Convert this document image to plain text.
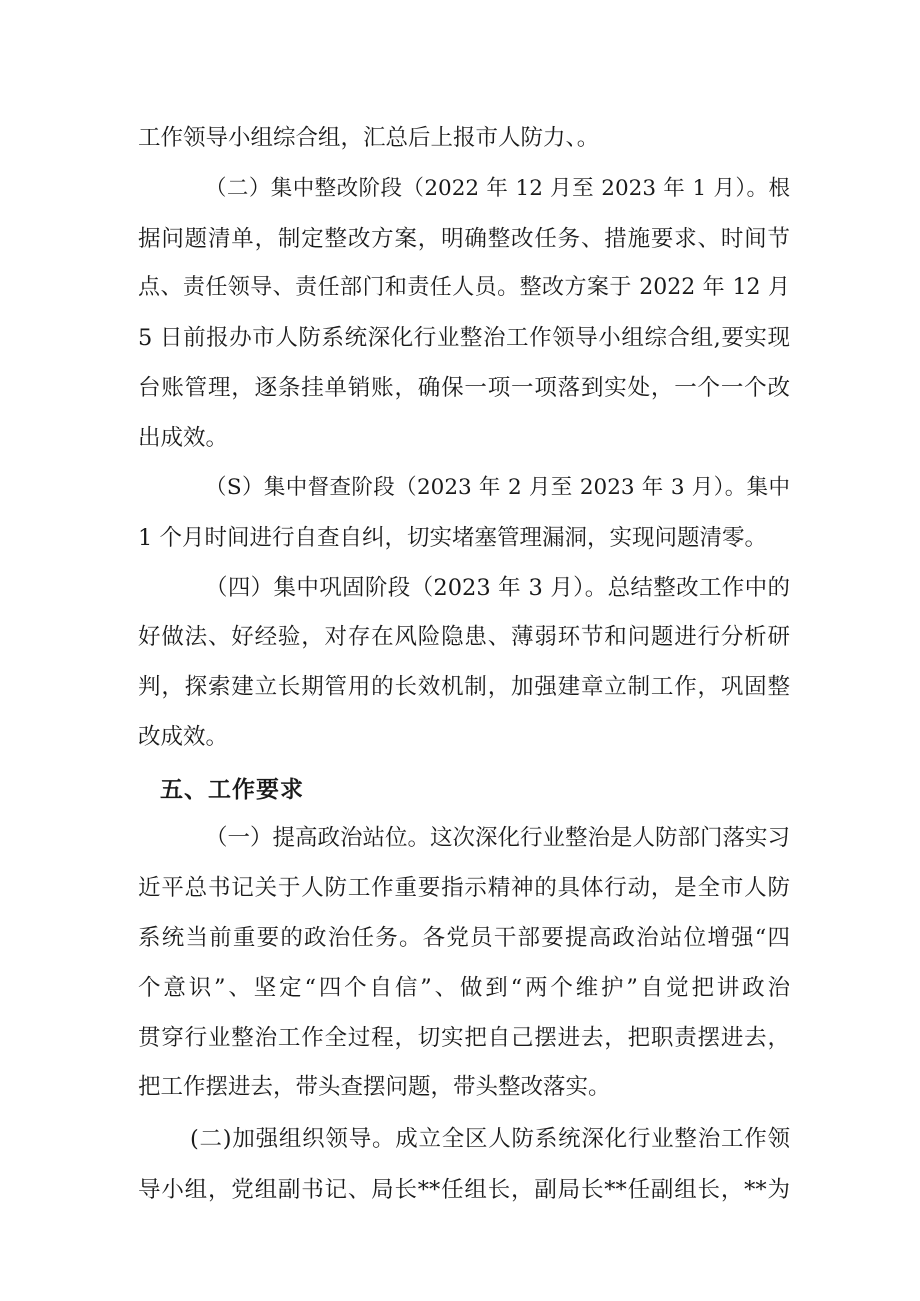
工作领导小组综合组，汇总后上报市人防力、。
（二）集中整改阶段（2022 年 12 月至 2023 年 1 月）。根
据问题清单，制定整改方案，明确整改任务、措施要求、时间节
点、责任领导、责任部门和责任人员。整改方案于 2022 年 12 月
5 日前报办市人防系统深化行业整治工作领导小组综合组,要实现
台账管理，逐条挂单销账，确保一项一项落到实处，一个一个改
出成效。
（S）集中督查阶段（2023 年 2 月至 2023 年 3 月）。集中
1 个月时间进行自查自纠，切实堵塞管理漏洞，实现问题清零。
（四）集中巩固阶段（2023 年 3 月）。总结整改工作中的
好做法、好经验，对存在风险隐患、薄弱环节和问题进行分析研
判，探索建立长期管用的长效机制，加强建章立制工作，巩固整
改成效。
五、工作要求
（一）提高政治站位。这次深化行业整治是人防部门落实习
近平总书记关于人防工作重要指示精神的具体行动，是全市人防
系统当前重要的政治任务。各党员干部要提高政治站位增强“四
个意识”、坚定“四个自信”、做到“两个维护”自觉把讲政治
贯穿行业整治工作全过程，切实把自己摆进去，把职责摆进去，
把工作摆进去，带头查摆问题，带头整改落实。
(二)加强组织领导。成立全区人防系统深化行业整治工作领
导小组，党组副书记、局长**任组长，副局长**任副组长，**为
